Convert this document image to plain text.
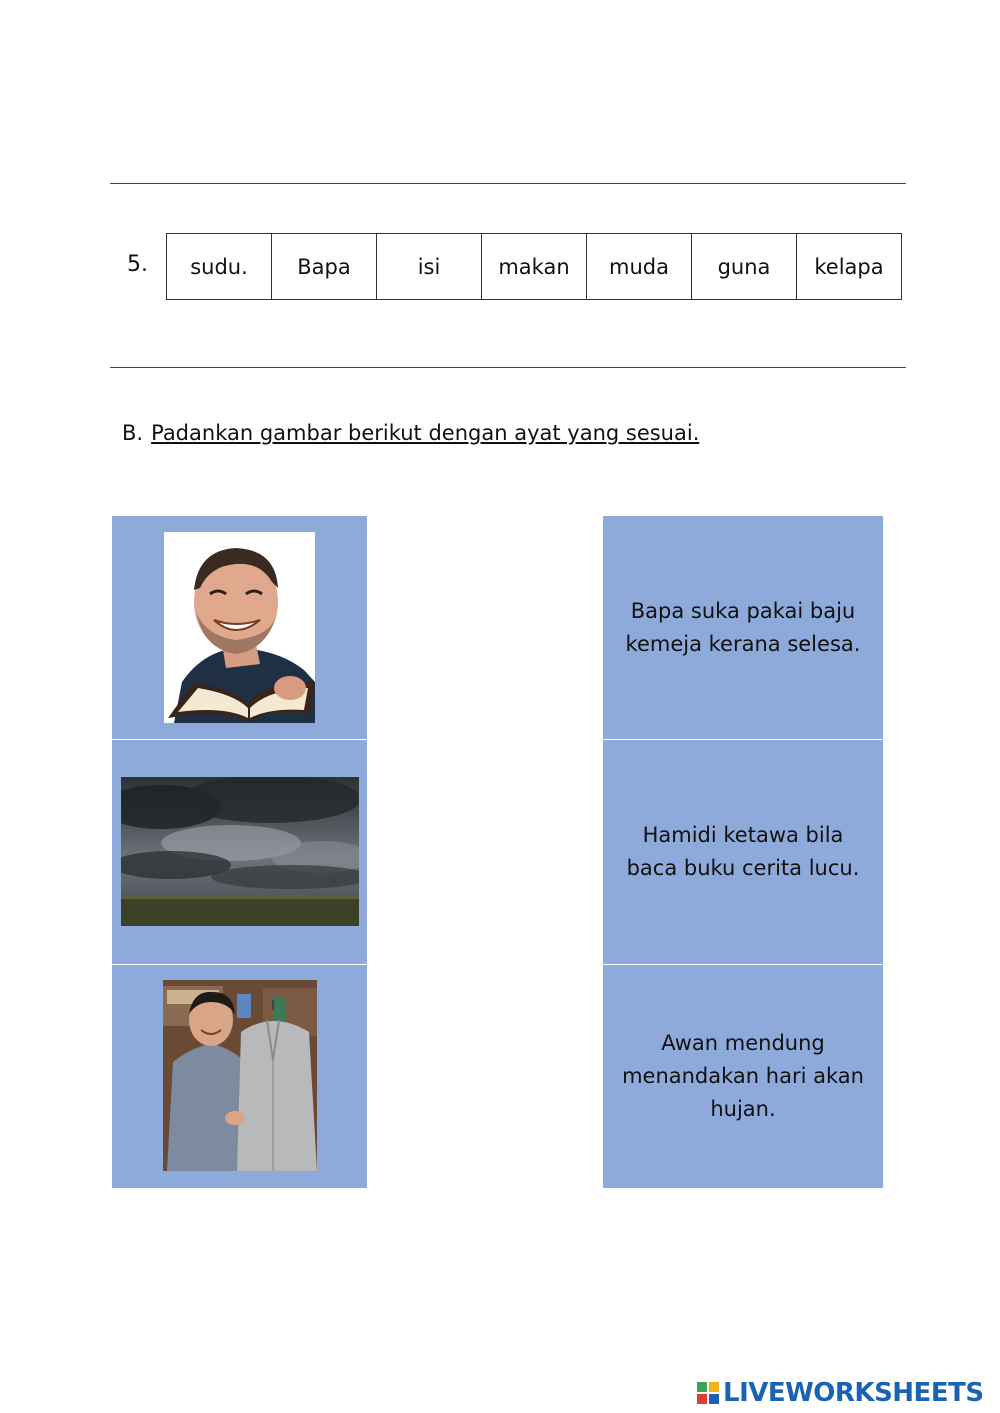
5. sudu.	Bapa	isi	makan	muda	guna	kelapa
B. Padankan gambar berikut dengan ayat yang sesuai.
Bapa suka pakai baju kemeja kerana selesa.
Hamidi ketawa bila baca buku cerita lucu.
Awan mendung menandakan hari akan hujan.
LIVEWORKSHEETS
